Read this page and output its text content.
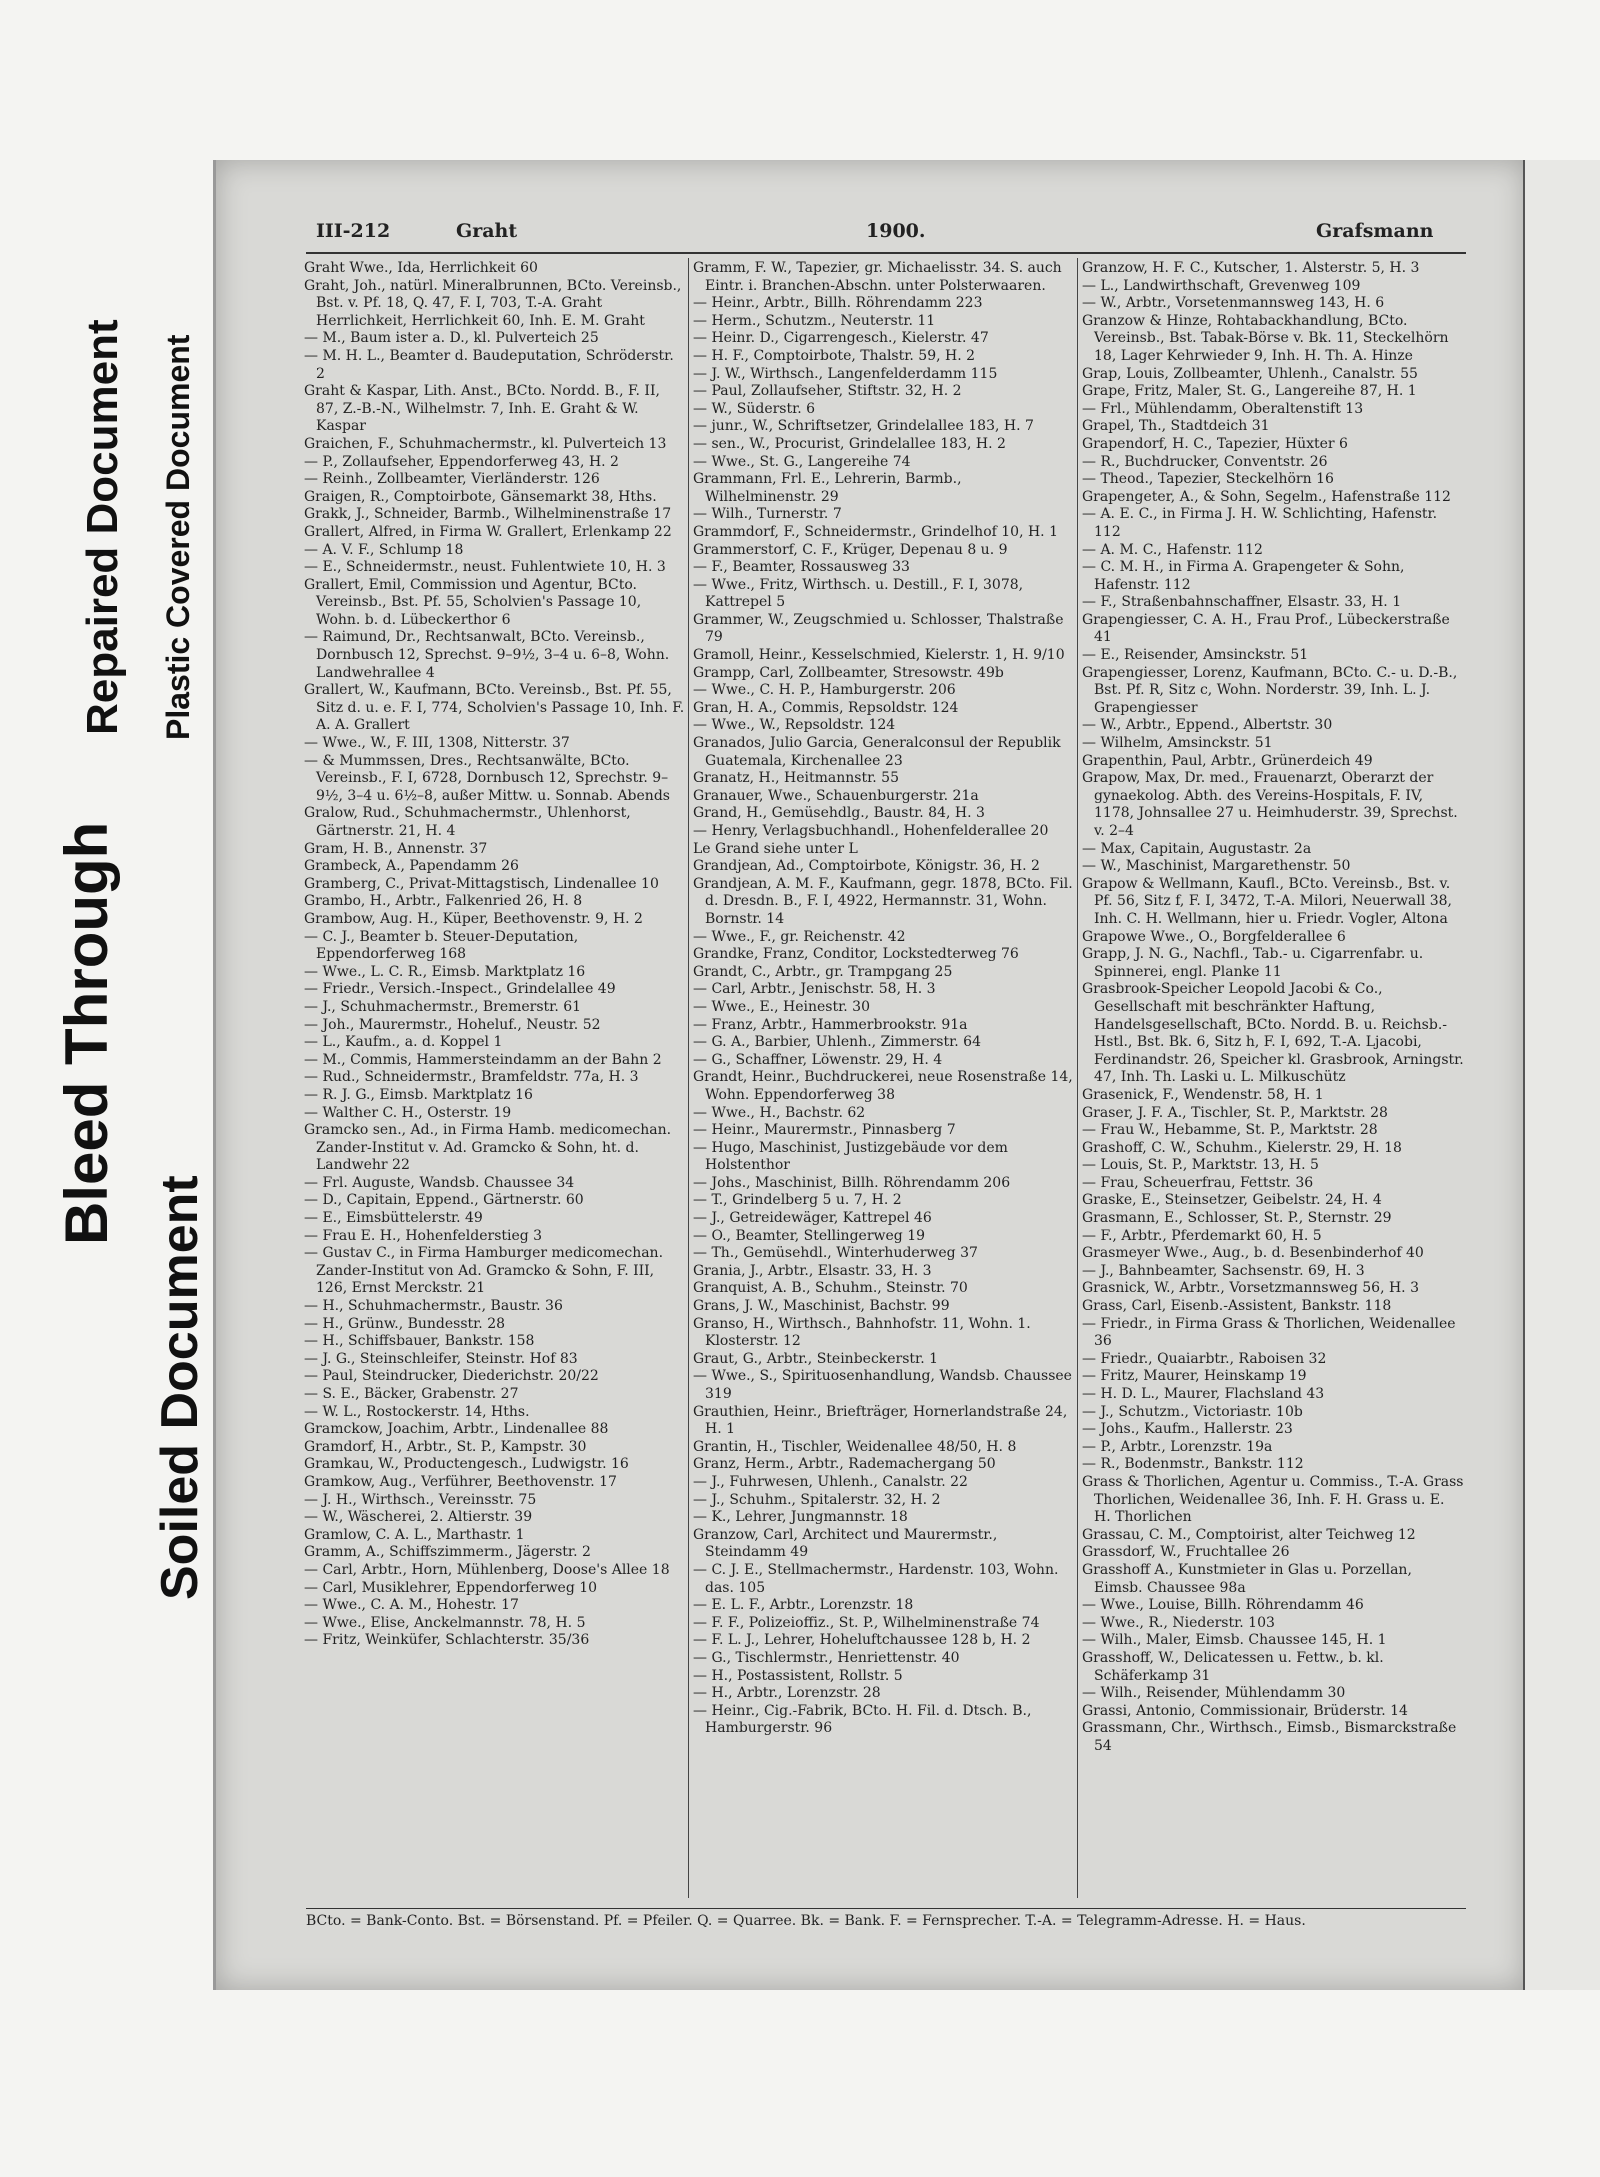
Bleed Through
Repaired Document
Soiled Document
Plastic Covered Document
III-212	Graht	1900.	Grafsmann

Graht Wwe., Ida, Herrlichkeit 60

Graht, Joh., natürl. Mineralbrunnen, BCto. Vereinsb., Bst. v. Pf. 18, Q. 47, F. I, 703, T.-A. Graht Herrlichkeit, Herrlichkeit 60, Inh. E. M. Graht

— M., Baum ister a. D., kl. Pulverteich 25

— M. H. L., Beamter d. Baudeputation, Schröderstr. 2

Graht & Kaspar, Lith. Anst., BCto. Nordd. B., F. II, 87, Z.-B.-N., Wilhelmstr. 7, Inh. E. Graht & W. Kaspar

Graichen, F., Schuhmachermstr., kl. Pulverteich 13

— P., Zollaufseher, Eppendorferweg 43, H. 2

— Reinh., Zollbeamter, Vierländerstr. 126

Graigen, R., Comptoirbote, Gänsemarkt 38, Hths.

Grakk, J., Schneider, Barmb., Wilhelminenstraße 17

Grallert, Alfred, in Firma W. Grallert, Erlenkamp 22

— A. V. F., Schlump 18

— E., Schneidermstr., neust. Fuhlentwiete 10, H. 3

Grallert, Emil, Commission und Agentur, BCto. Vereinsb., Bst. Pf. 55, Scholvien's Passage 10, Wohn. b. d. Lübeckerthor 6

— Raimund, Dr., Rechtsanwalt, BCto. Vereinsb., Dornbusch 12, Sprechst. 9–9½, 3–4 u. 6–8, Wohn. Landwehrallee 4

Grallert, W., Kaufmann, BCto. Vereinsb., Bst. Pf. 55, Sitz d. u. e. F. I, 774, Scholvien's Passage 10, Inh. F. A. A. Grallert

— Wwe., W., F. III, 1308, Nitterstr. 37

— & Mummssen, Dres., Rechtsanwälte, BCto. Vereinsb., F. I, 6728, Dornbusch 12, Sprechstr. 9–9½, 3–4 u. 6½–8, außer Mittw. u. Sonnab. Abends

Gralow, Rud., Schuhmachermstr., Uhlenhorst, Gärtnerstr. 21, H. 4

Gram, H. B., Annenstr. 37

Grambeck, A., Papendamm 26

Gramberg, C., Privat-Mittagstisch, Lindenallee 10

Grambo, H., Arbtr., Falkenried 26, H. 8

Grambow, Aug. H., Küper, Beethovenstr. 9, H. 2

— C. J., Beamter b. Steuer-Deputation, Eppendorferweg 168

— Wwe., L. C. R., Eimsb. Marktplatz 16

— Friedr., Versich.-Inspect., Grindelallee 49

— J., Schuhmachermstr., Bremerstr. 61

— Joh., Maurermstr., Hoheluf., Neustr. 52

— L., Kaufm., a. d. Koppel 1

— M., Commis, Hammersteindamm an der Bahn 2

— Rud., Schneidermstr., Bramfeldstr. 77a, H. 3

— R. J. G., Eimsb. Marktplatz 16

— Walther C. H., Osterstr. 19

Gramcko sen., Ad., in Firma Hamb. medicomechan. Zander-Institut v. Ad. Gramcko & Sohn, ht. d. Landwehr 22

— Frl. Auguste, Wandsb. Chaussee 34

— D., Capitain, Eppend., Gärtnerstr. 60

— E., Eimsbüttelerstr. 49

— Frau E. H., Hohenfelderstieg 3

— Gustav C., in Firma Hamburger medicomechan. Zander-Institut von Ad. Gramcko & Sohn, F. III, 126, Ernst Merckstr. 21

— H., Schuhmachermstr., Baustr. 36

— H., Grünw., Bundesstr. 28

— H., Schiffsbauer, Bankstr. 158

— J. G., Steinschleifer, Steinstr. Hof 83

— Paul, Steindrucker, Diederichstr. 20/22

— S. E., Bäcker, Grabenstr. 27

— W. L., Rostockerstr. 14, Hths.

Gramckow, Joachim, Arbtr., Lindenallee 88

Gramdorf, H., Arbtr., St. P., Kampstr. 30

Gramkau, W., Productengesch., Ludwigstr. 16

Gramkow, Aug., Verführer, Beethovenstr. 17

— J. H., Wirthsch., Vereinsstr. 75

— W., Wäscherei, 2. Altierstr. 39

Gramlow, C. A. L., Marthastr. 1

Gramm, A., Schiffszimmerm., Jägerstr. 2

— Carl, Arbtr., Horn, Mühlenberg, Doose's Allee 18

— Carl, Musiklehrer, Eppendorferweg 10

— Wwe., C. A. M., Hohestr. 17

— Wwe., Elise, Anckelmannstr. 78, H. 5

— Fritz, Weinküfer, Schlachterstr. 35/36

Gramm, F. W., Tapezier, gr. Michaelisstr. 34. S. auch Eintr. i. Branchen-Abschn. unter Polsterwaaren.

— Heinr., Arbtr., Billh. Röhrendamm 223

— Herm., Schutzm., Neuterstr. 11

— Heinr. D., Cigarrengesch., Kielerstr. 47

— H. F., Comptoirbote, Thalstr. 59, H. 2

— J. W., Wirthsch., Langenfelderdamm 115

— Paul, Zollaufseher, Stiftstr. 32, H. 2

— W., Süderstr. 6

— junr., W., Schriftsetzer, Grindelallee 183, H. 7

— sen., W., Procurist, Grindelallee 183, H. 2

— Wwe., St. G., Langereihe 74

Grammann, Frl. E., Lehrerin, Barmb., Wilhelminenstr. 29

— Wilh., Turnerstr. 7

Grammdorf, F., Schneidermstr., Grindelhof 10, H. 1

Grammerstorf, C. F., Krüger, Depenau 8 u. 9

— F., Beamter, Rossausweg 33

— Wwe., Fritz, Wirthsch. u. Destill., F. I, 3078, Kattrepel 5

Grammer, W., Zeugschmied u. Schlosser, Thalstraße 79

Gramoll, Heinr., Kesselschmied, Kielerstr. 1, H. 9/10

Grampp, Carl, Zollbeamter, Stresowstr. 49b

— Wwe., C. H. P., Hamburgerstr. 206

Gran, H. A., Commis, Repsoldstr. 124

— Wwe., W., Repsoldstr. 124

Granados, Julio Garcia, Generalconsul der Republik Guatemala, Kirchenallee 23

Granatz, H., Heitmannstr. 55

Granauer, Wwe., Schauenburgerstr. 21a

Grand, H., Gemüsehdlg., Baustr. 84, H. 3

— Henry, Verlagsbuchhandl., Hohenfelderallee 20

Le Grand siehe unter L

Grandjean, Ad., Comptoirbote, Königstr. 36, H. 2

Grandjean, A. M. F., Kaufmann, gegr. 1878, BCto. Fil. d. Dresdn. B., F. I, 4922, Hermannstr. 31, Wohn. Bornstr. 14

— Wwe., F., gr. Reichenstr. 42

Grandke, Franz, Conditor, Lockstedterweg 76

Grandt, C., Arbtr., gr. Trampgang 25

— Carl, Arbtr., Jenischstr. 58, H. 3

— Wwe., E., Heinestr. 30

— Franz, Arbtr., Hammerbrookstr. 91a

— G. A., Barbier, Uhlenh., Zimmerstr. 64

— G., Schaffner, Löwenstr. 29, H. 4

Grandt, Heinr., Buchdruckerei, neue Rosenstraße 14, Wohn. Eppendorferweg 38

— Wwe., H., Bachstr. 62

— Heinr., Maurermstr., Pinnasberg 7

— Hugo, Maschinist, Justizgebäude vor dem Holstenthor

— Johs., Maschinist, Billh. Röhrendamm 206

— T., Grindelberg 5 u. 7, H. 2

— J., Getreidewäger, Kattrepel 46

— O., Beamter, Stellingerweg 19

— Th., Gemüsehdl., Winterhuderweg 37

Grania, J., Arbtr., Elsastr. 33, H. 3

Granquist, A. B., Schuhm., Steinstr. 70

Grans, J. W., Maschinist, Bachstr. 99

Granso, H., Wirthsch., Bahnhofstr. 11, Wohn. 1. Klosterstr. 12

Graut, G., Arbtr., Steinbeckerstr. 1

— Wwe., S., Spirituosenhandlung, Wandsb. Chaussee 319

Grauthien, Heinr., Briefträger, Hornerlandstraße 24, H. 1

Grantin, H., Tischler, Weidenallee 48/50, H. 8

Granz, Herm., Arbtr., Rademachergang 50

— J., Fuhrwesen, Uhlenh., Canalstr. 22

— J., Schuhm., Spitalerstr. 32, H. 2

— K., Lehrer, Jungmannstr. 18

Granzow, Carl, Architect und Maurermstr., Steindamm 49

— C. J. E., Stellmachermstr., Hardenstr. 103, Wohn. das. 105

— E. L. F., Arbtr., Lorenzstr. 18

— F. F., Polizeioffiz., St. P., Wilhelminenstraße 74

— F. L. J., Lehrer, Hoheluftchaussee 128 b, H. 2

— G., Tischlermstr., Henriettenstr. 40

— H., Postassistent, Rollstr. 5

— H., Arbtr., Lorenzstr. 28

— Heinr., Cig.-Fabrik, BCto. H. Fil. d. Dtsch. B., Hamburgerstr. 96

Granzow, H. F. C., Kutscher, 1. Alsterstr. 5, H. 3

— L., Landwirthschaft, Grevenweg 109

— W., Arbtr., Vorsetenmannsweg 143, H. 6

Granzow & Hinze, Rohtabackhandlung, BCto. Vereinsb., Bst. Tabak-Börse v. Bk. 11, Steckelhörn 18, Lager Kehrwieder 9, Inh. H. Th. A. Hinze

Grap, Louis, Zollbeamter, Uhlenh., Canalstr. 55

Grape, Fritz, Maler, St. G., Langereihe 87, H. 1

— Frl., Mühlendamm, Oberaltenstift 13

Grapel, Th., Stadtdeich 31

Grapendorf, H. C., Tapezier, Hüxter 6

— R., Buchdrucker, Conventstr. 26

— Theod., Tapezier, Steckelhörn 16

Grapengeter, A., & Sohn, Segelm., Hafenstraße 112

— A. E. C., in Firma J. H. W. Schlichting, Hafenstr. 112

— A. M. C., Hafenstr. 112

— C. M. H., in Firma A. Grapengeter & Sohn, Hafenstr. 112

— F., Straßenbahnschaffner, Elsastr. 33, H. 1

Grapengiesser, C. A. H., Frau Prof., Lübeckerstraße 41

— E., Reisender, Amsinckstr. 51

Grapengiesser, Lorenz, Kaufmann, BCto. C.- u. D.-B., Bst. Pf. R, Sitz c, Wohn. Norderstr. 39, Inh. L. J. Grapengiesser

— W., Arbtr., Eppend., Albertstr. 30

— Wilhelm, Amsinckstr. 51

Grapenthin, Paul, Arbtr., Grünerdeich 49

Grapow, Max, Dr. med., Frauenarzt, Oberarzt der gynaekolog. Abth. des Vereins-Hospitals, F. IV, 1178, Johnsallee 27 u. Heimhuderstr. 39, Sprechst. v. 2–4

— Max, Capitain, Augustastr. 2a

— W., Maschinist, Margarethenstr. 50

Grapow & Wellmann, Kaufl., BCto. Vereinsb., Bst. v. Pf. 56, Sitz f, F. I, 3472, T.-A. Milori, Neuerwall 38, Inh. C. H. Wellmann, hier u. Friedr. Vogler, Altona

Grapowe Wwe., O., Borgfelderallee 6

Grapp, J. N. G., Nachfl., Tab.- u. Cigarrenfabr. u. Spinnerei, engl. Planke 11

Grasbrook-Speicher Leopold Jacobi & Co., Gesellschaft mit beschränkter Haftung, Handelsgesellschaft, BCto. Nordd. B. u. Reichsb.-Hstl., Bst. Bk. 6, Sitz h, F. I, 692, T.-A. Ljacobi, Ferdinandstr. 26, Speicher kl. Grasbrook, Arningstr. 47, Inh. Th. Laski u. L. Milkuschütz

Grasenick, F., Wendenstr. 58, H. 1

Graser, J. F. A., Tischler, St. P., Marktstr. 28

— Frau W., Hebamme, St. P., Marktstr. 28

Grashoff, C. W., Schuhm., Kielerstr. 29, H. 18

— Louis, St. P., Marktstr. 13, H. 5

— Frau, Scheuerfrau, Fettstr. 36

Graske, E., Steinsetzer, Geibelstr. 24, H. 4

Grasmann, E., Schlosser, St. P., Sternstr. 29

— F., Arbtr., Pferdemarkt 60, H. 5

Grasmeyer Wwe., Aug., b. d. Besenbinderhof 40

— J., Bahnbeamter, Sachsenstr. 69, H. 3

Grasnick, W., Arbtr., Vorsetzmannsweg 56, H. 3

Grass, Carl, Eisenb.-Assistent, Bankstr. 118

— Friedr., in Firma Grass & Thorlichen, Weidenallee 36

— Friedr., Quaiarbtr., Raboisen 32

— Fritz, Maurer, Heinskamp 19

— H. D. L., Maurer, Flachsland 43

— J., Schutzm., Victoriastr. 10b

— Johs., Kaufm., Hallerstr. 23

— P., Arbtr., Lorenzstr. 19a

— R., Bodenmstr., Bankstr. 112

Grass & Thorlichen, Agentur u. Commiss., T.-A. Grass Thorlichen, Weidenallee 36, Inh. F. H. Grass u. E. H. Thorlichen

Grassau, C. M., Comptoirist, alter Teichweg 12

Grassdorf, W., Fruchtallee 26

Grasshoff A., Kunstmieter in Glas u. Porzellan, Eimsb. Chaussee 98a

— Wwe., Louise, Billh. Röhrendamm 46

— Wwe., R., Niederstr. 103

— Wilh., Maler, Eimsb. Chaussee 145, H. 1

Grasshoff, W., Delicatessen u. Fettw., b. kl. Schäferkamp 31

— Wilh., Reisender, Mühlendamm 30

Grassi, Antonio, Commissionair, Brüderstr. 14

Grassmann, Chr., Wirthsch., Eimsb., Bismarckstraße 54

BCto. = Bank-Conto. Bst. = Börsenstand. Pf. = Pfeiler. Q. = Quarree. Bk. = Bank. F. = Fernsprecher. T.-A. = Telegramm-Adresse. H. = Haus.
